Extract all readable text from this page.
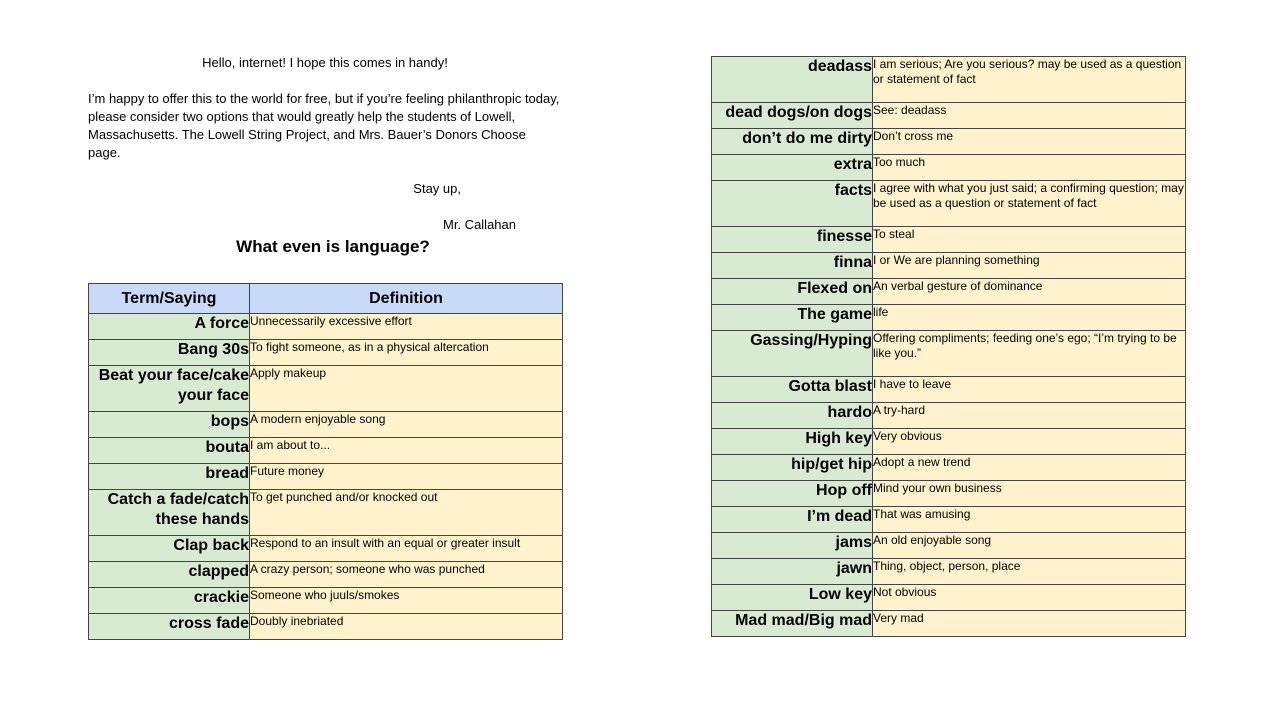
Hello, internet! I hope this comes in handy!

I’m happy to offer this to the world for free, but if you’re feeling philanthropic today, please consider two options that would greatly help the students of Lowell, Massachusetts. The Lowell String Project, and Mrs. Bauer’s Donors Choose page.

Stay up,

Mr. Callahan

What even is language?
Term/Saying	Definition
A force	Unnecessarily excessive effort
Bang 30s	To fight someone, as in a physical altercation
Beat your face/cake your face	Apply makeup
bops	A modern enjoyable song
bouta	I am about to...
bread	Future money
Catch a fade/catch these hands	To get punched and/or knocked out
Clap back	Respond to an insult with an equal or greater insult
clapped	A crazy person; someone who was punched
crackie	Someone who juuls/smokes
cross fade	Doubly inebriated
deadass	I am serious; Are you serious? may be used as a question or statement of fact
dead dogs/on dogs	See: deadass
don’t do me dirty	Don’t cross me
extra	Too much
facts	I agree with what you just said; a confirming question; may be used as a question or statement of fact
finesse	To steal
finna	I or We are planning something
Flexed on	An verbal gesture of dominance
The game	life
Gassing/Hyping	Offering compliments; feeding one’s ego; “I’m trying to be like you.”
Gotta blast	I have to leave
hardo	A try-hard
High key	Very obvious
hip/get hip	Adopt a new trend
Hop off	Mind your own business
I’m dead	That was amusing
jams	An old enjoyable song
jawn	Thing, object, person, place
Low key	Not obvious
Mad mad/Big mad	Very mad
